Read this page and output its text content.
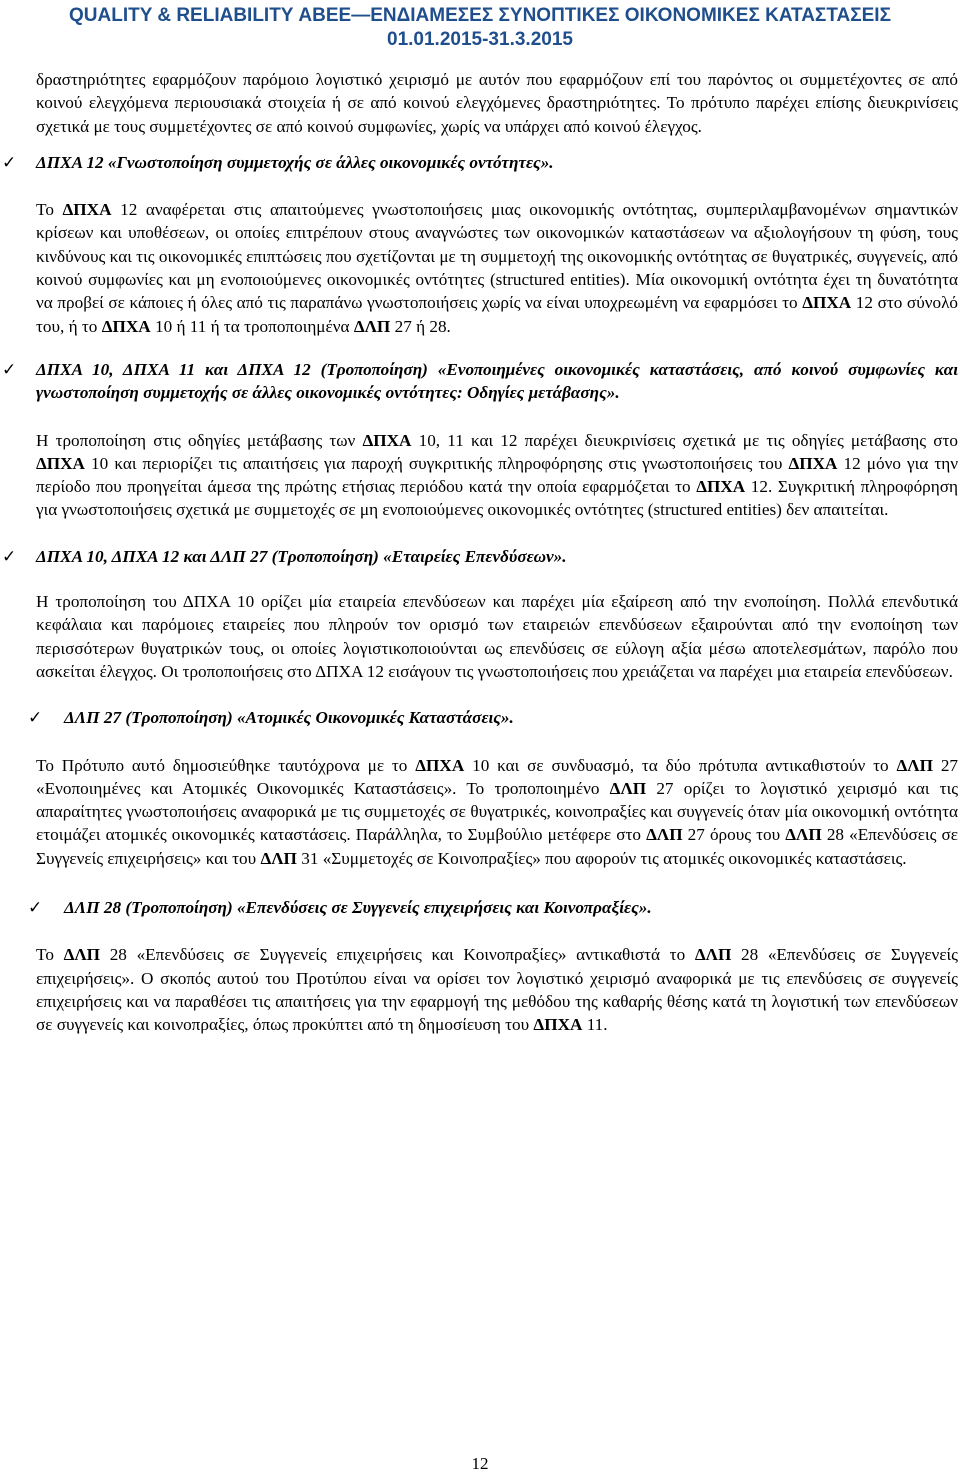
QUALITY & RELIABILITY ΑΒΕΕ—ΕΝΔΙΑΜΕΣΕΣ ΣΥΝΟΠΤΙΚΕΣ ΟΙΚΟΝΟΜΙΚΕΣ ΚΑΤΑΣΤΑΣΕΙΣ
01.01.2015-31.3.2015

δραστηριότητες εφαρμόζουν παρόμοιο λογιστικό χειρισμό με αυτόν που εφαρμόζουν επί του παρόντος οι συμμετέχοντες σε από κοινού ελεγχόμενα περιουσιακά στοιχεία ή σε από κοινού ελεγχόμενες δραστηριότητες. Το πρότυπο παρέχει επίσης διευκρινίσεις σχετικά με τους συμμετέχοντες σε από κοινού συμφωνίες, χωρίς να υπάρχει από κοινού έλεγχος.

✓ ΔΠΧΑ 12 «Γνωστοποίηση συμμετοχής σε άλλες οικονομικές οντότητες».

Το ΔΠΧΑ 12 αναφέρεται στις απαιτούμενες γνωστοποιήσεις μιας οικονομικής οντότητας, συμπεριλαμβανομένων σημαντικών κρίσεων και υποθέσεων, οι οποίες επιτρέπουν στους αναγνώστες των οικονομικών καταστάσεων να αξιολογήσουν τη φύση, τους κινδύνους και τις οικονομικές επιπτώσεις που σχετίζονται με τη συμμετοχή της οικονομικής οντότητας σε θυγατρικές, συγγενείς, από κοινού συμφωνίες και μη ενοποιούμενες οικονομικές οντότητες (structured entities). Μία οικονομική οντότητα έχει τη δυνατότητα να προβεί σε κάποιες ή όλες από τις παραπάνω γνωστοποιήσεις χωρίς να είναι υποχρεωμένη να εφαρμόσει το ΔΠΧΑ 12 στο σύνολό του, ή το ΔΠΧΑ 10 ή 11 ή τα τροποποιημένα ΔΛΠ 27 ή 28.

✓ ΔΠΧΑ 10, ΔΠΧΑ 11 και ΔΠΧΑ 12 (Τροποποίηση) «Ενοποιημένες οικονομικές καταστάσεις, από κοινού συμφωνίες και γνωστοποίηση συμμετοχής σε άλλες οικονομικές οντότητες: Οδηγίες μετάβασης».

Η τροποποίηση στις οδηγίες μετάβασης των ΔΠΧΑ 10, 11 και 12 παρέχει διευκρινίσεις σχετικά με τις οδηγίες μετάβασης στο ΔΠΧΑ 10 και περιορίζει τις απαιτήσεις για παροχή συγκριτικής πληροφόρησης στις γνωστοποιήσεις του ΔΠΧΑ 12 μόνο για την περίοδο που προηγείται άμεσα της πρώτης ετήσιας περιόδου κατά την οποία εφαρμόζεται το ΔΠΧΑ 12. Συγκριτική πληροφόρηση για γνωστοποιήσεις σχετικά με συμμετοχές σε μη ενοποιούμενες οικονομικές οντότητες (structured entities) δεν απαιτείται.

✓ ΔΠΧΑ 10, ΔΠΧΑ 12 και ΔΛΠ 27 (Τροποποίηση) «Εταιρείες Επενδύσεων».

Η τροποποίηση του ΔΠΧΑ 10 ορίζει μία εταιρεία επενδύσεων και παρέχει μία εξαίρεση από την ενοποίηση. Πολλά επενδυτικά κεφάλαια και παρόμοιες εταιρείες που πληρούν τον ορισμό των εταιρειών επενδύσεων εξαιρούνται από την ενοποίηση των περισσότερων θυγατρικών τους, οι οποίες λογιστικοποιούνται ως επενδύσεις σε εύλογη αξία μέσω αποτελεσμάτων, παρόλο που ασκείται έλεγχος. Οι τροποποιήσεις στο ΔΠΧΑ 12 εισάγουν τις γνωστοποιήσεις που χρειάζεται να παρέχει μια εταιρεία επενδύσεων.

✓ ΔΛΠ 27 (Τροποποίηση) «Ατομικές Οικονομικές Καταστάσεις».

Το Πρότυπο αυτό δημοσιεύθηκε ταυτόχρονα με το ΔΠΧΑ 10 και σε συνδυασμό, τα δύο πρότυπα αντικαθιστούν το ΔΛΠ 27 «Ενοποιημένες και Ατομικές Οικονομικές Καταστάσεις». Το τροποποιημένο ΔΛΠ 27 ορίζει το λογιστικό χειρισμό και τις απαραίτητες γνωστοποιήσεις αναφορικά με τις συμμετοχές σε θυγατρικές, κοινοπραξίες και συγγενείς όταν μία οικονομική οντότητα ετοιμάζει ατομικές οικονομικές καταστάσεις. Παράλληλα, το Συμβούλιο μετέφερε στο ΔΛΠ 27 όρους του ΔΛΠ 28 «Επενδύσεις σε Συγγενείς επιχειρήσεις» και του ΔΛΠ 31 «Συμμετοχές σε Κοινοπραξίες» που αφορούν τις ατομικές οικονομικές καταστάσεις.

✓ ΔΛΠ 28 (Τροποποίηση) «Επενδύσεις σε Συγγενείς επιχειρήσεις και Κοινοπραξίες».

Το ΔΛΠ 28 «Επενδύσεις σε Συγγενείς επιχειρήσεις και Κοινοπραξίες» αντικαθιστά το ΔΛΠ 28 «Επενδύσεις σε Συγγενείς επιχειρήσεις». Ο σκοπός αυτού του Προτύπου είναι να ορίσει τον λογιστικό χειρισμό αναφορικά με τις επενδύσεις σε συγγενείς επιχειρήσεις και να παραθέσει τις απαιτήσεις για την εφαρμογή της μεθόδου της καθαρής θέσης κατά τη λογιστική των επενδύσεων σε συγγενείς και κοινοπραξίες, όπως προκύπτει από τη δημοσίευση του ΔΠΧΑ 11.

12
